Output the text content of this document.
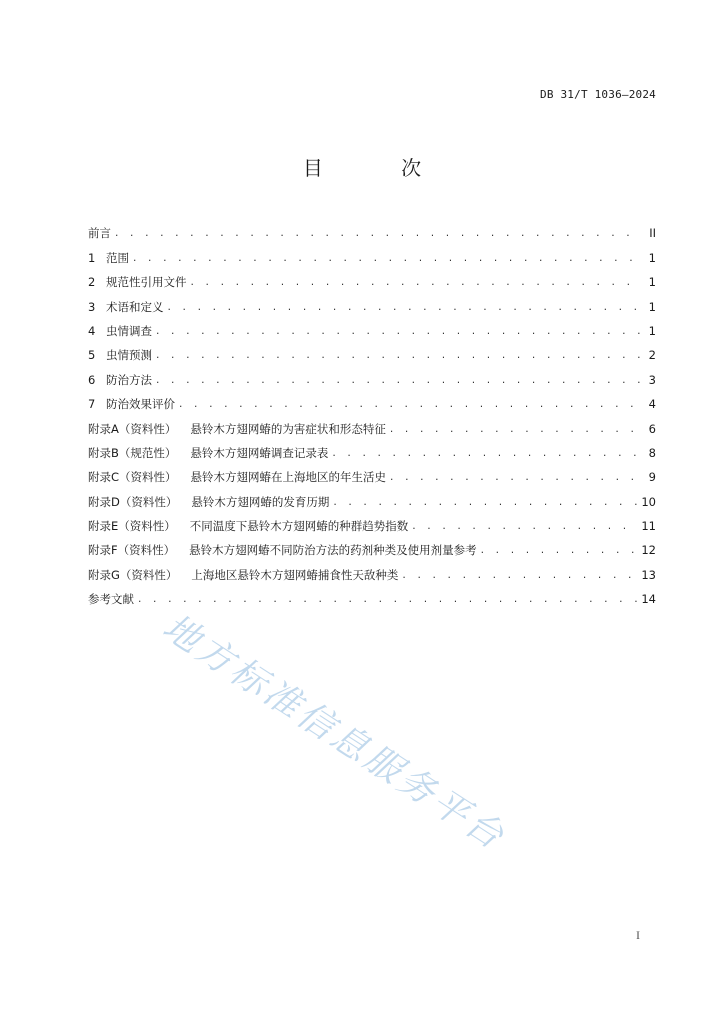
DB 31/T 1036—2024
目 次
前言 . . .	II
1 范围 . . .	1
2 规范性引用文件 . . .	1
3 术语和定义 . . .	1
4 虫情调查 . . .	1
5 虫情预测 . . .	2
6 防治方法 . . .	3
7 防治效果评价 . . .	4
附录A（资料性） 悬铃木方翅网蝽的为害症状和形态特征 . . .	6
附录B（规范性） 悬铃木方翅网蝽调查记录表 . . .	8
附录C（资料性） 悬铃木方翅网蝽在上海地区的年生活史 . . .	9
附录D（资料性） 悬铃木方翅网蝽的发育历期 . . .	10
附录E（资料性） 不同温度下悬铃木方翅网蝽的种群趋势指数 . . .	11
附录F（资料性） 悬铃木方翅网蝽不同防治方法的药剂种类及使用剂量参考 . . .	12
附录G（资料性） 上海地区悬铃木方翅网蝽捕食性天敌种类 . . .	13
参考文献 . . .	14
地方标准信息服务平台
I
